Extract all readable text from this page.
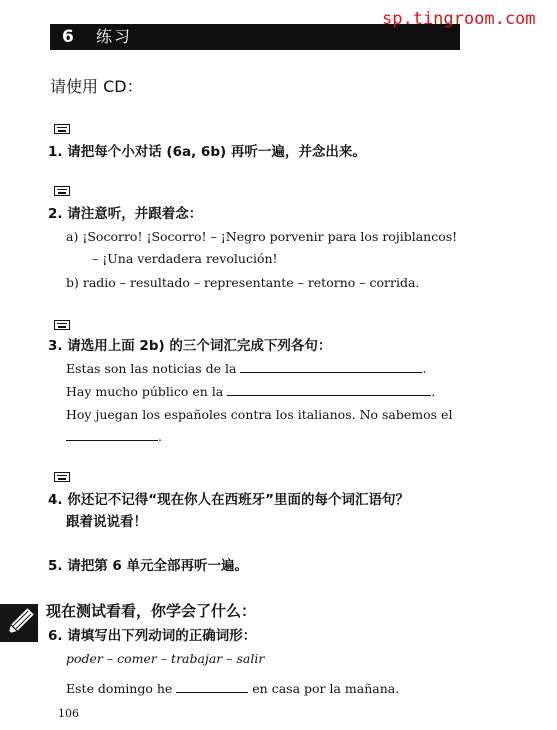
6 练习
sp.tingroom.com
请使用 CD：
1. 请把每个小对话 (6a, 6b) 再听一遍，并念出来。
2. 请注意听，并跟着念：
a) ¡Socorro! ¡Socorro! – ¡Negro porvenir para los rojiblancos!
– ¡Una verdadera revolución!
b) radio – resultado – representante – retorno – corrida.
3. 请选用上面 2b) 的三个词汇完成下列各句：
Estas son las noticias de la	.
Hay mucho público en la	.
Hoy juegan los españoles contra los italianos. No sabemos el
.
4. 你还记不记得“现在你人在西班牙”里面的每个词汇语句？
跟着说说看！
5. 请把第 6 单元全部再听一遍。
现在测试看看，你学会了什么：
6. 请填写出下列动词的正确词形：
poder – comer – trabajar – salir
Este domingo he	en casa por la mañana.
106
